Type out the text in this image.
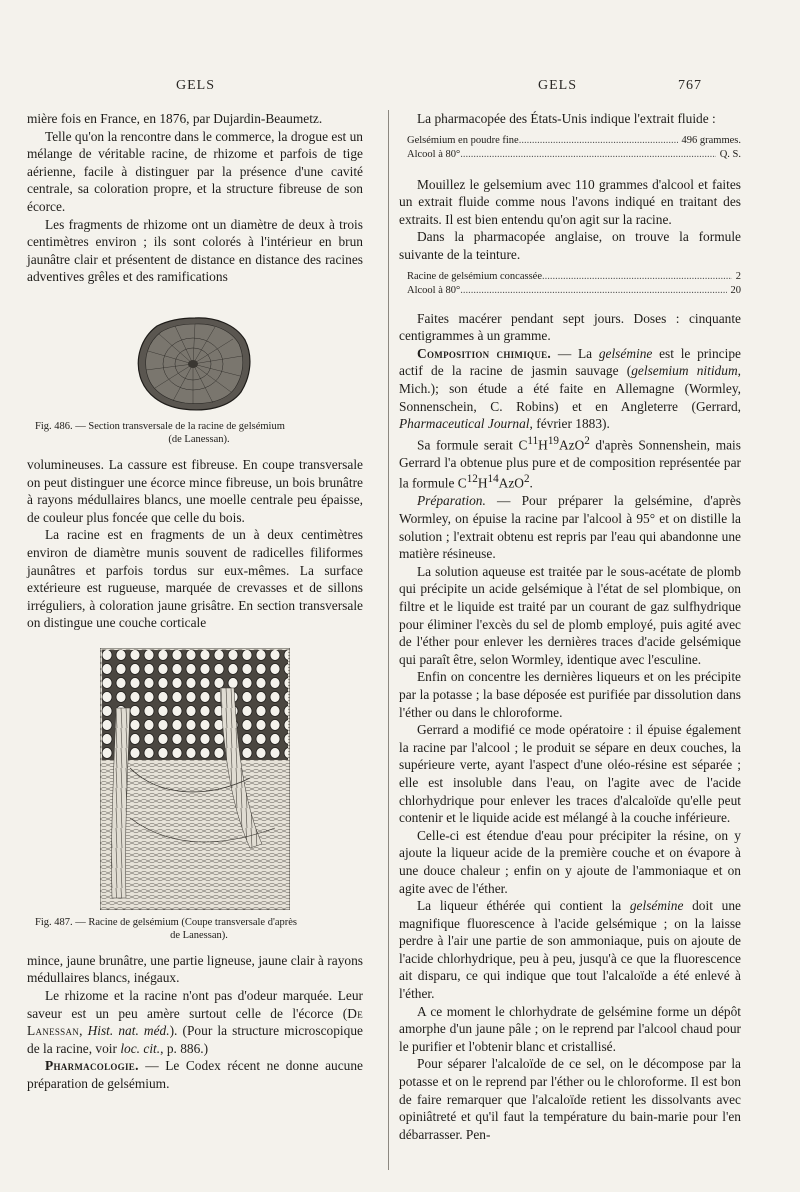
GELS	GELS	767

mière fois en France, en 1876, par Dujardin-Beaumetz.

Telle qu'on la rencontre dans le commerce, la drogue est un mélange de véritable racine, de rhizome et parfois de tige aérienne, facile à distinguer par la présence d'une cavité centrale, sa coloration propre, et la structure fibreuse de son écorce.

Les fragments de rhizome ont un diamètre de deux à trois centimètres environ ; ils sont colorés à l'intérieur en brun jaunâtre clair et présentent de distance en distance des racines adventives grêles et des ramifications

Fig. 486. — Section transversale de la racine de gelsémium
(de Lanessan).

volumineuses. La cassure est fibreuse. En coupe transversale on peut distinguer une écorce mince fibreuse, un bois brunâtre à rayons médullaires blancs, une moelle centrale peu épaisse, de couleur plus foncée que celle du bois.

La racine est en fragments de un à deux centimètres environ de diamètre munis souvent de radicelles filiformes jaunâtres et parfois tordus sur eux-mêmes. La surface extérieure est rugueuse, marquée de crevasses et de sillons irréguliers, à coloration jaune grisâtre. En section transversale on distingue une couche corticale

Fig. 487. — Racine de gelsémium (Coupe transversale d'après
de Lanessan).

mince, jaune brunâtre, une partie ligneuse, jaune clair à rayons médullaires blancs, inégaux.

Le rhizome et la racine n'ont pas d'odeur marquée. Leur saveur est un peu amère surtout celle de l'écorce (De Lanessan, Hist. nat. méd.). (Pour la structure microscopique de la racine, voir loc. cit., p. 886.)

Pharmacologie. — Le Codex récent ne donne aucune préparation de gelsémium.

La pharmacopée des États-Unis indique l'extrait fluide :

Gelsémium en poudre fine .....	496 grammes.
Alcool à 80° .....	Q. S.

Mouillez le gelsemium avec 110 grammes d'alcool et faites un extrait fluide comme nous l'avons indiqué en traitant des extraits. Il est bien entendu qu'on agit sur la racine.

Dans la pharmacopée anglaise, on trouve la formule suivante de la teinture.

Racine de gelsémium concassée .....	2
Alcool à 80° .....	20

Faites macérer pendant sept jours. Doses : cinquante centigrammes à un gramme.

Composition chimique. — La gelsémine est le principe actif de la racine de jasmin sauvage (gelsemium nitidum, Mich.); son étude a été faite en Allemagne (Wormley, Sonnenschein, C. Robins) et en Angleterre (Gerrard, Pharmaceutical Journal, février 1883).

Sa formule serait $C^{11}H^{19}AzO^2$ d'après Sonnenshein, mais Gerrard l'a obtenue plus pure et de composition représentée par la formule $C^{12}H^{14}AzO^2$.

Préparation. — Pour préparer la gelsémine, d'après Wormley, on épuise la racine par l'alcool à 95° et on distille la solution ; l'extrait obtenu est repris par l'eau qui abandonne une matière résineuse.

La solution aqueuse est traitée par le sous-acétate de plomb qui précipite un acide gelsémique à l'état de sel plombique, on filtre et le liquide est traité par un courant de gaz sulfhydrique pour éliminer l'excès du sel de plomb employé, puis agité avec de l'éther pour enlever les dernières traces d'acide gelsémique qui paraît être, selon Wormley, identique avec l'esculine.

Enfin on concentre les dernières liqueurs et on les précipite par la potasse ; la base déposée est purifiée par dissolution dans l'éther ou dans le chloroforme.

Gerrard a modifié ce mode opératoire : il épuise également la racine par l'alcool ; le produit se sépare en deux couches, la supérieure verte, ayant l'aspect d'une oléo-résine est séparée ; elle est insoluble dans l'eau, on l'agite avec de l'acide chlorhydrique pour enlever les traces d'alcaloïde qu'elle peut contenir et le liquide acide est mélangé à la couche inférieure.

Celle-ci est étendue d'eau pour précipiter la résine, on y ajoute la liqueur acide de la première couche et on évapore à une douce chaleur ; enfin on y ajoute de l'ammoniaque et on agite avec de l'éther.

La liqueur éthérée qui contient la gelsémine doit une magnifique fluorescence à l'acide gelsémique ; on la laisse perdre à l'air une partie de son ammoniaque, puis on ajoute de l'acide chlorhydrique, peu à peu, jusqu'à ce que la fluorescence ait disparu, ce qui indique que tout l'alcaloïde a été enlevé à l'éther.

A ce moment le chlorhydrate de gelsémine forme un dépôt amorphe d'un jaune pâle ; on le reprend par l'alcool chaud pour le purifier et l'obtenir blanc et cristallisé.

Pour séparer l'alcaloïde de ce sel, on le décompose par la potasse et on le reprend par l'éther ou le chloroforme. Il est bon de faire remarquer que l'alcaloïde retient les dissolvants avec opiniâtreté et qu'il faut la température du bain-marie pour l'en débarrasser. Pen-
